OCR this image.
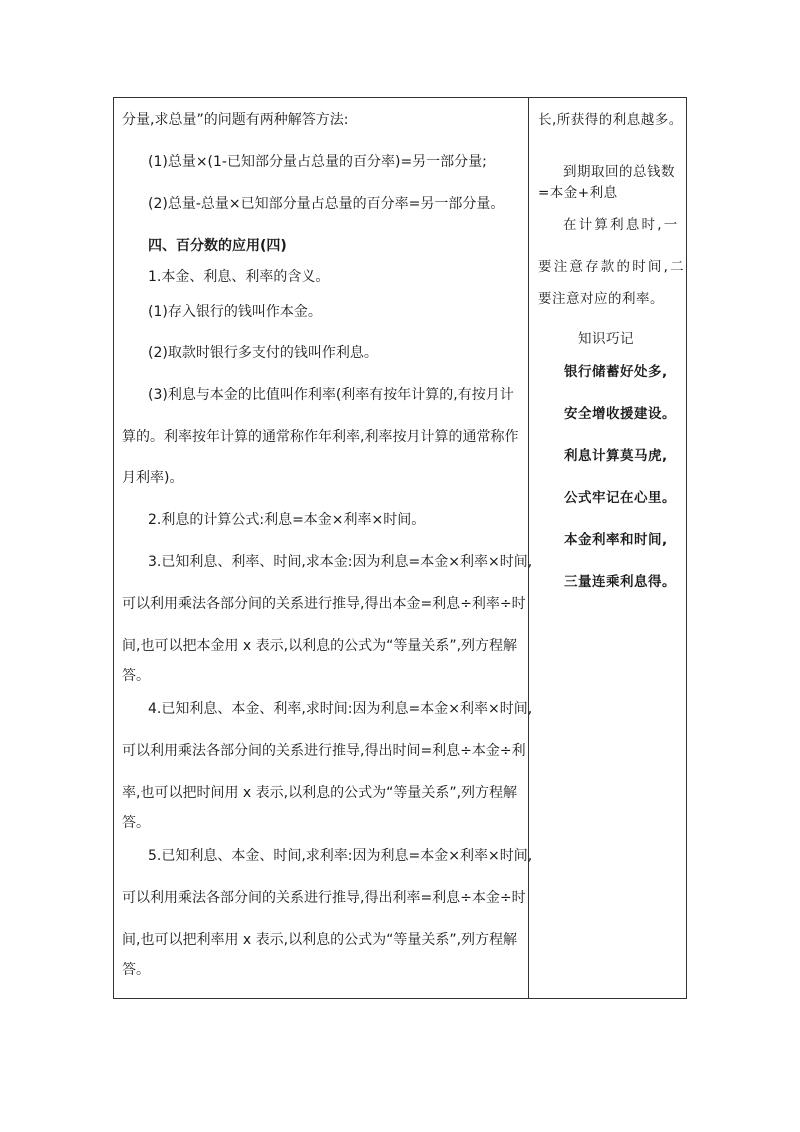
分量,求总量”的问题有两种解答方法:
(1)总量×(1-已知部分量占总量的百分率)=另一部分量;
(2)总量-总量×已知部分量占总量的百分率=另一部分量。
四、百分数的应用(四)
1.本金、利息、利率的含义。
(1)存入银行的钱叫作本金。
(2)取款时银行多支付的钱叫作利息。
(3)利息与本金的比值叫作利率(利率有按年计算的,有按月计
算的。利率按年计算的通常称作年利率,利率按月计算的通常称作
月利率)。
2.利息的计算公式:利息=本金×利率×时间。
3.已知利息、利率、时间,求本金:因为利息=本金×利率×时间,
可以利用乘法各部分间的关系进行推导,得出本金=利息÷利率÷时
间,也可以把本金用 x 表示,以利息的公式为“等量关系”,列方程解
答。
4.已知利息、本金、利率,求时间:因为利息=本金×利率×时间,
可以利用乘法各部分间的关系进行推导,得出时间=利息÷本金÷利
率,也可以把时间用 x 表示,以利息的公式为“等量关系”,列方程解
答。
5.已知利息、本金、时间,求利率:因为利息=本金×利率×时间,
可以利用乘法各部分间的关系进行推导,得出利率=利息÷本金÷时
间,也可以把利率用 x 表示,以利息的公式为“等量关系”,列方程解
答。
长,所获得的利息越多。
到期取回的总钱数
=本金+利息
在计算利息时,一
要注意存款的时间,二
要注意对应的利率。
知识巧记
银行储蓄好处多,
安全增收援建设。
利息计算莫马虎,
公式牢记在心里。
本金利率和时间,
三量连乘利息得。
